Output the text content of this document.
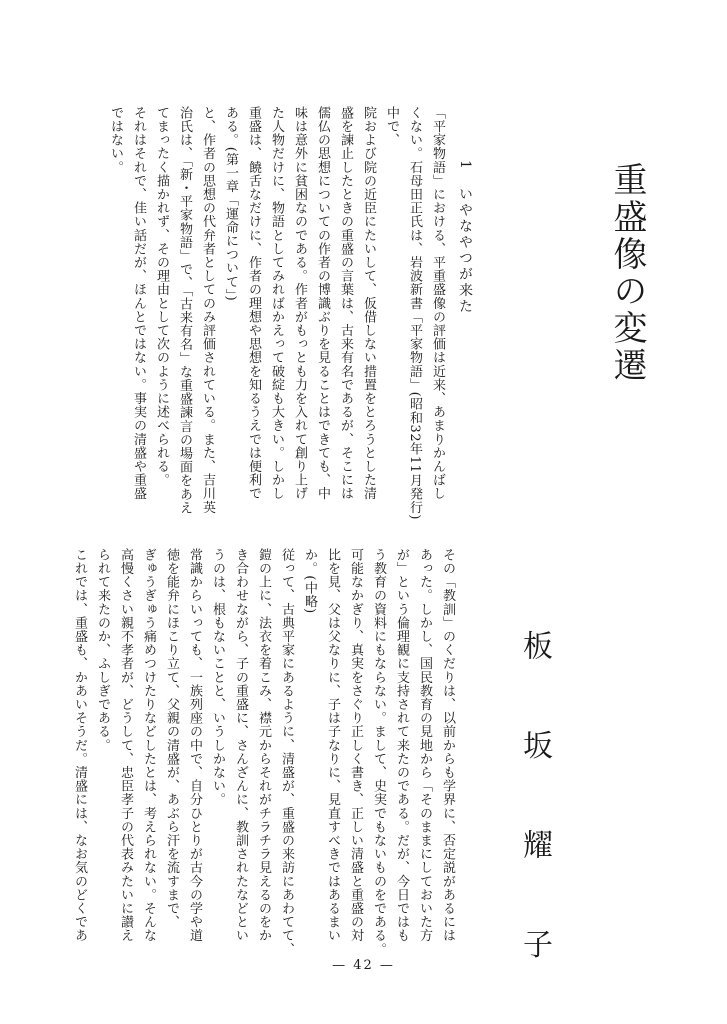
重盛像の変遷
板 坂 耀 子
1　いやなやつが来た
「平家物語」における、平重盛像の評価は近来、あまりかんばし
くない。石母田正氏は、岩波新書「平家物語」(昭和32年11月発行)
中で、
院および院の近臣にたいして、仮借しない措置をとろうとした清
盛を諫止したときの重盛の言葉は、古来有名であるが、そこには
儒仏の思想についての作者の博識ぶりを見ることはできても、中
味は意外に貧困なのである。作者がもっとも力を入れて創り上げ
た人物だけに、物語としてみればかえって破綻も大きい。しかし
重盛は、饒舌なだけに、作者の理想や思想を知るうえでは便利で
ある。(第一章「運命について」)
と、作者の思想の代弁者としてのみ評価されている。また、吉川英
治氏は、「新・平家物語」で、「古来有名」な重盛諫言の場面をあえ
てまったく描かれず、その理由として次のように述べられる。
それはそれで、佳い話だが、ほんとではない。事実の清盛や重盛
ではない。
その「教訓」のくだりは、以前からも学界に、否定説があるには
あった。しかし、国民教育の見地から「そのままにしておいた方
が」という倫理観に支持されて来たのである。だが、今日ではも
う教育の資料にもならない。まして、史実でもないものをである。
可能なかぎり、真実をさぐり正しく書き、正しい清盛と重盛の対
比を見、父は父なりに、子は子なりに、見直すべきではあるまい
か。(中略)
従って、古典平家にあるように、清盛が、重盛の来訪にあわてて、
鎧の上に、法衣を着こみ、襟元からそれがチラチラ見えるのをか
き合わせながら、子の重盛に、さんざんに、教訓されたなどとい
うのは、根もないことと、いうしかない。
常識からいっても、一族列座の中で、自分ひとりが古今の学や道
徳を能弁にほこり立て、父親の清盛が、あぶら汗を流すまで、
ぎゅうぎゅう痛めつけたりなどしたとは、考えられない。そんな
高慢くさい親不孝者が、どうして、忠臣孝子の代表みたいに讃え
られて来たのか、ふしぎである。
これでは、重盛も、かあいそうだ。清盛には、なお気のどくであ
— 42 —
